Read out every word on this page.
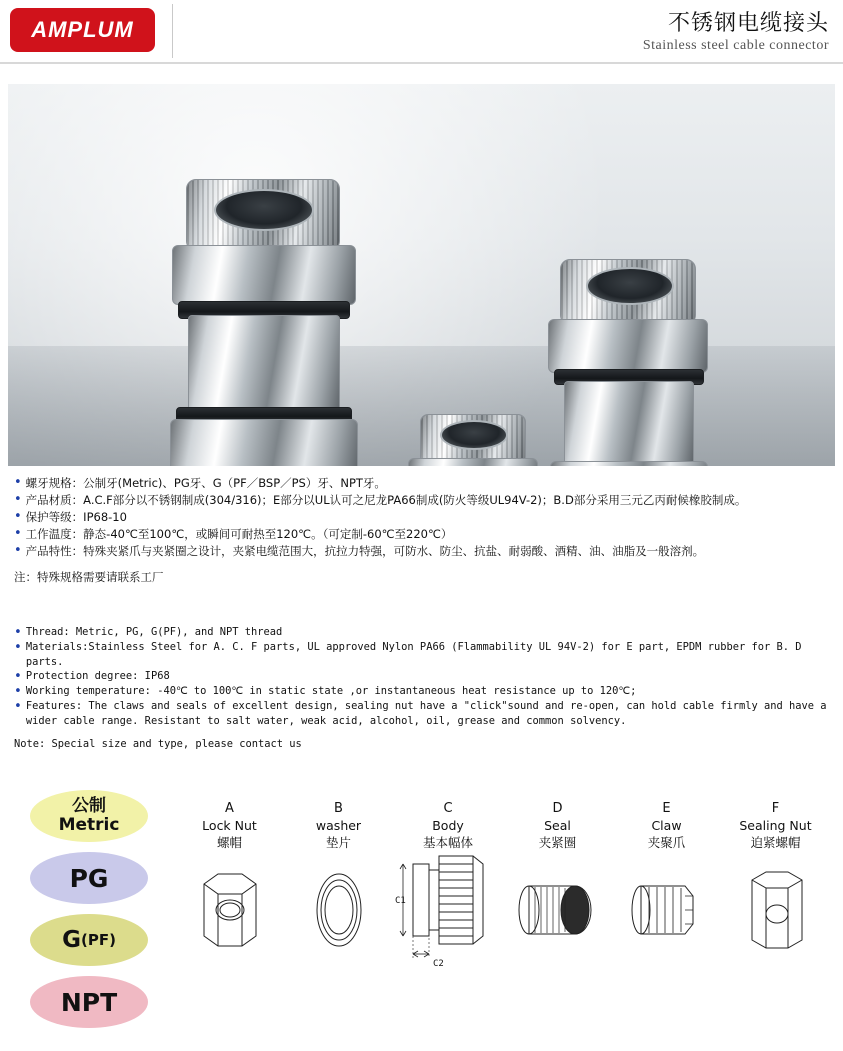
AMPLUM	不锈钢电缆接头
Stainless steel cable connector
• 螺牙规格：公制牙(Metric)、PG牙、G（PF／BSP／PS）牙、NPT牙。
• 产品材质：A.C.F部分以不锈钢制成(304/316)；E部分以UL认可之尼龙PA66制成(防火等级UL94V-2)；B.D部分采用三元乙丙耐候橡胶制成。
• 保护等级：IP68-10
• 工作温度：静态-40℃至100℃，或瞬间可耐热至120℃。（可定制-60℃至220℃）
• 产品特性：特殊夹紧爪与夹紧圈之设计，夹紧电缆范围大，抗拉力特强，可防水、防尘、抗盐、耐弱酸、酒精、油、油脂及一般溶剂。
注：特殊规格需要请联系工厂
• Thread: Metric, PG, G(PF), and NPT thread
• Materials:Stainless Steel for A. C. F parts, UL approved Nylon PA66 (Flammability UL 94V-2) for E part, EPDM rubber for B. D parts.
• Protection degree: IP68
• Working temperature: -40℃ to 100℃ in static state ,or instantaneous heat resistance up to 120℃;
• Features: The claws and seals of excellent design, sealing nut have a "click"sound and re-open, can hold cable firmly and have a wider cable range. Resistant to salt water, weak acid, alcohol, oil, grease and common solvency.
Note: Special size and type, please contact us
公制
Metric
PG
G (PF)
NPT
A
Lock Nut
螺帽
B
washer
垫片
C
Body
基本幅体
C1
C2
D
Seal
夹紧圈
E
Claw
夹聚爪
F
Sealing Nut
迫紧螺帽
